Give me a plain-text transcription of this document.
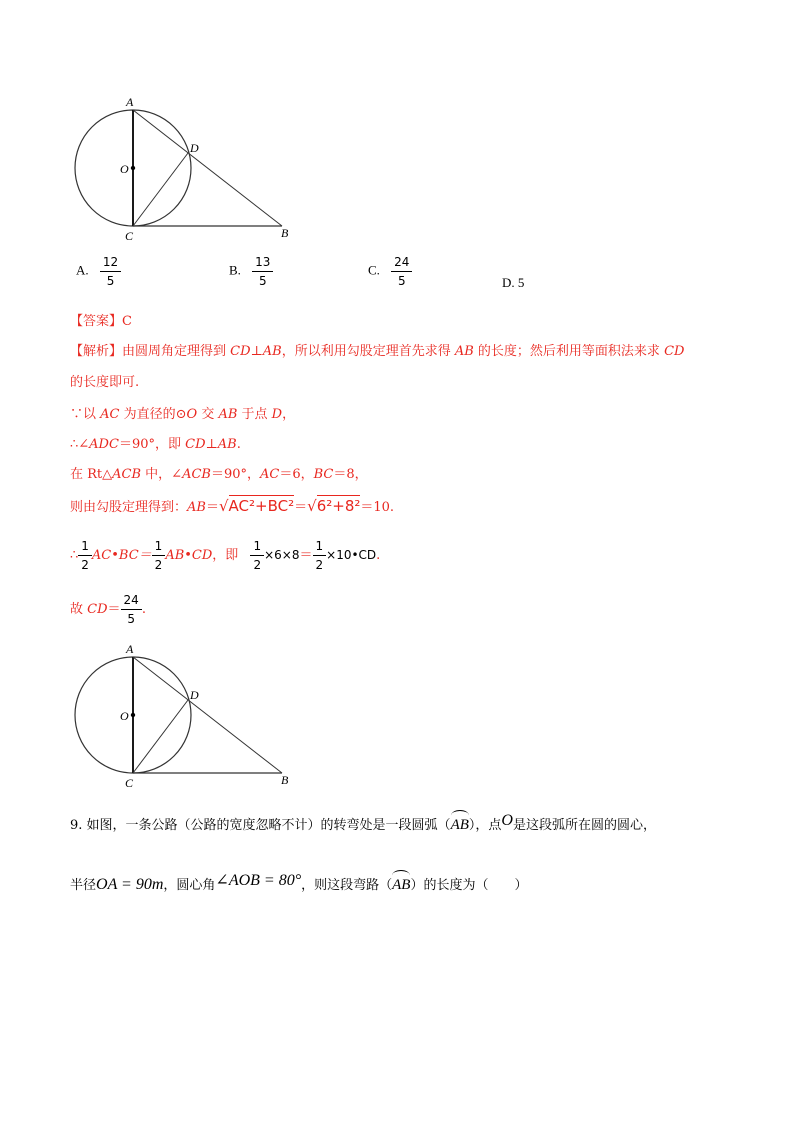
A
O
D
C	B
A. $\frac{12}{5}$	B. $\frac{13}{5}$	C. $\frac{24}{5}$	D. 5
【答案】C
【解析】由圆周角定理得到 CD⊥AB，所以利用勾股定理首先求得 AB 的长度；然后利用等面积法来求 CD
的长度即可.
∵以 AC 为直径的⊙O 交 AB 于点 D，
∴∠ADC＝90°，即 CD⊥AB.
在 Rt△ACB 中，∠ACB＝90°，AC＝6，BC＝8，
则由勾股定理得到：AB＝√AC²+BC²＝√6²+8²＝10.
∴ $\frac{1}{2}$ AC•BC＝ $\frac{1}{2}$ AB•CD，即 $\frac{1}{2} \times 6\times 8= \frac{1}{2}$ ×10•CD.
故 $CD= \frac{24}{5}$ .
A
O
D
C	B
9. 如图，一条公路（公路的宽度忽略不计）的转弯处是一段圆弧（AB），点O是这段弧所在圆的圆心，
半径OA = 90m，圆心角∠AOB = 80°，则这段弯路（AB）的长度为（　　）
